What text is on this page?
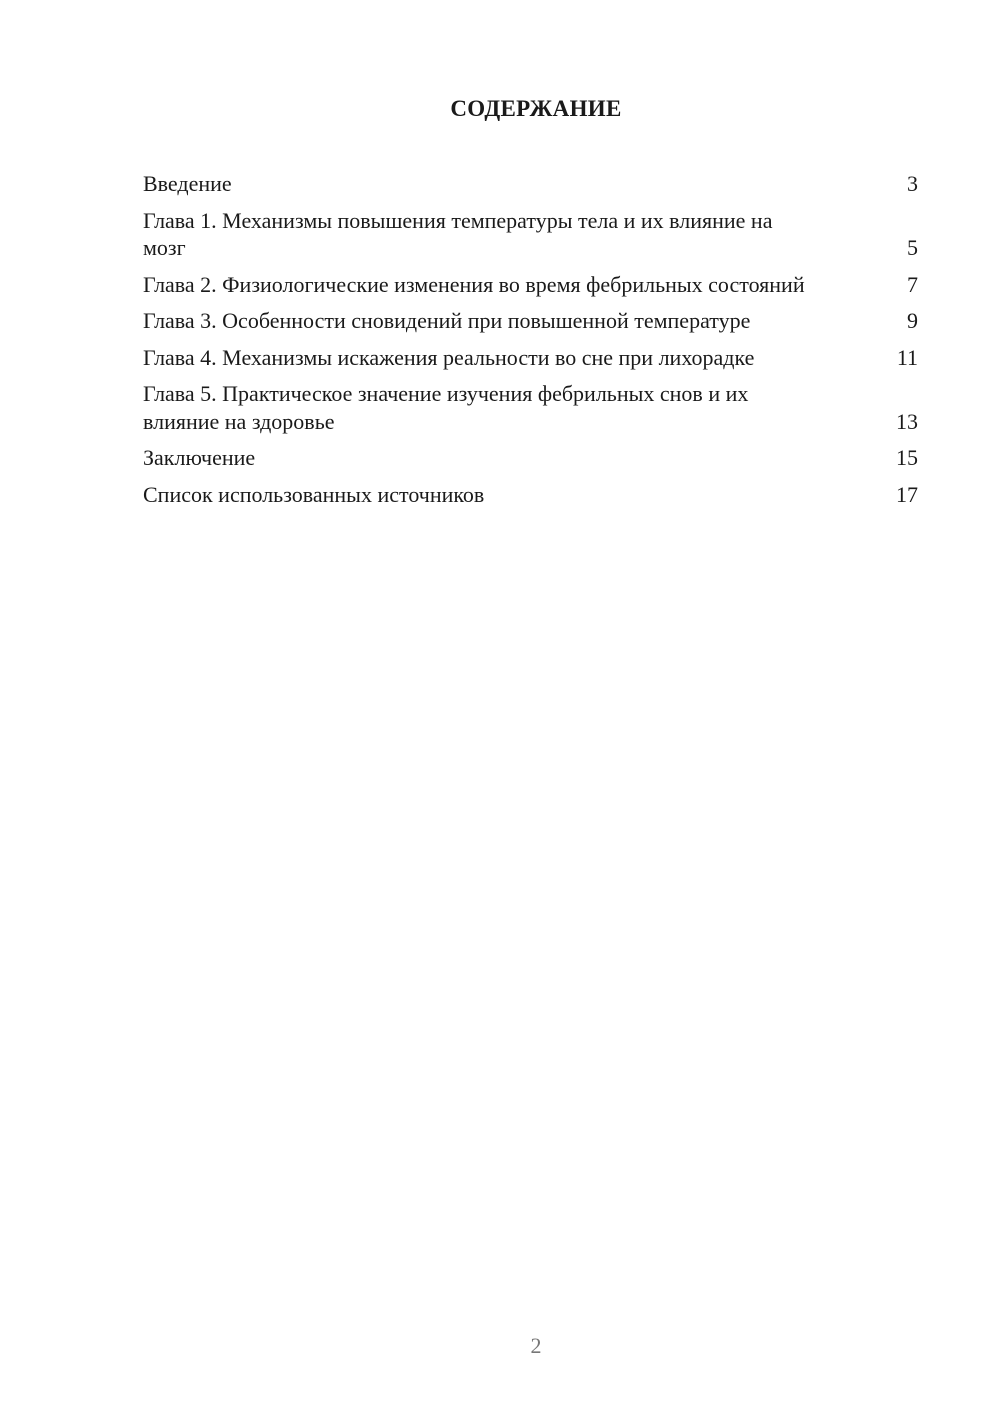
СОДЕРЖАНИЕ
Введение	3
Глава 1. Механизмы повышения температуры тела и их влияние на мозг	5
Глава 2. Физиологические изменения во время фебрильных состояний	7
Глава 3. Особенности сновидений при повышенной температуре	9
Глава 4. Механизмы искажения реальности во сне при лихорадке	11
Глава 5. Практическое значение изучения фебрильных снов и их влияние на здоровье	13
Заключение	15
Список использованных источников	17
2
